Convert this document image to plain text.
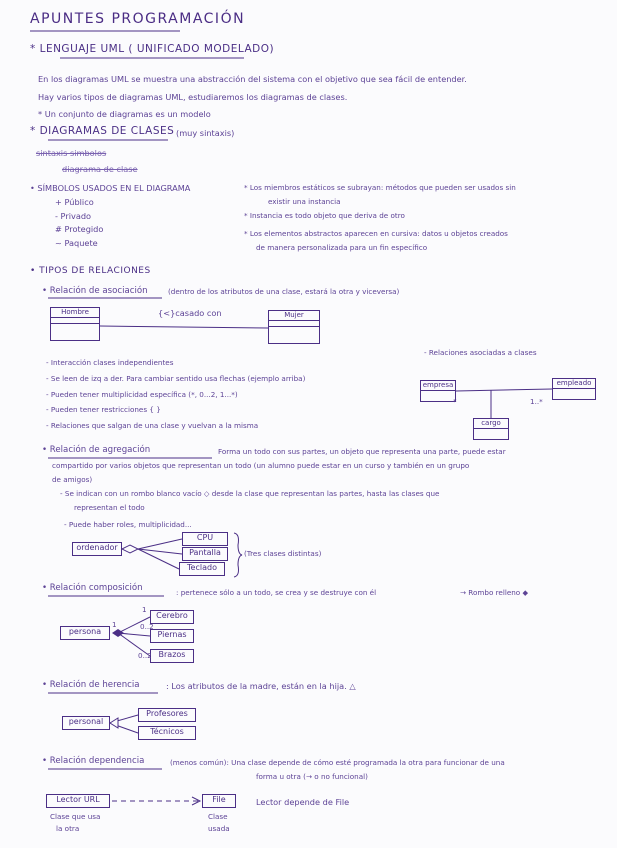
APUNTES PROGRAMACIÓN
* LENGUAJE UML ( UNIFICADO MODELADO)
En los diagramas UML se muestra una abstracción del sistema con el objetivo que sea fácil de entender.
Hay varios tipos de diagramas UML, estudiaremos los diagramas de clases.
* Un conjunto de diagramas es un modelo
* DIAGRAMAS DE CLASES (muy sintaxis)
sintaxis simbolos
diagrama de clase
• SÍMBOLOS USADOS EN EL DIAGRAMA
+ Público
- Privado
# Protegido
~ Paquete
* Los miembros estáticos se subrayan: métodos que pueden ser usados sin
existir una instancia
* Instancia es todo objeto que deriva de otro
* Los elementos abstractos aparecen en cursiva: datos u objetos creados
de manera personalizada para un fin específico
• TIPOS DE RELACIONES
• Relación de asociación	(dentro de los atributos de una clase, estará la otra y viceversa)
Hombre	Mujer
{<}casado con
- Interacción clases independientes
- Se leen de izq a der. Para cambiar sentido usa flechas (ejemplo arriba)
- Pueden tener multiplicidad específica (*, 0...2, 1...*)
- Pueden tener restricciones { }
- Relaciones que salgan de una clase y vuelvan a la misma
- Relaciones asociadas a clases
empresa	empleado
cargo
*	1..*
• Relación de agregación	Forma un todo con sus partes, un objeto que representa una parte, puede estar
compartido por varios objetos que representan un todo (un alumno puede estar en un curso y también en un grupo
de amigos)
- Se indican con un rombo blanco vacío ◇ desde la clase que representan las partes, hasta las clases que
representan el todo
- Puede haber roles, multiplicidad...
ordenador
CPU
Pantalla
Teclado
(Tres clases distintas)
• Relación composición	: pertenece sólo a un todo, se crea y se destruye con él	→ Rombo relleno ◆
persona
Cerebro
Piernas
Brazos
1
1
0..2
0..2
• Relación de herencia	: Los atributos de la madre, están en la hija. △
personal
Profesores
Técnicos
• Relación dependencia	(menos común): Una clase depende de cómo esté programada la otra para funcionar de una
forma u otra (→ o no funcional)
Lector URL	File
Clase que usa
la otra
Clase
usada
Lector depende de File
